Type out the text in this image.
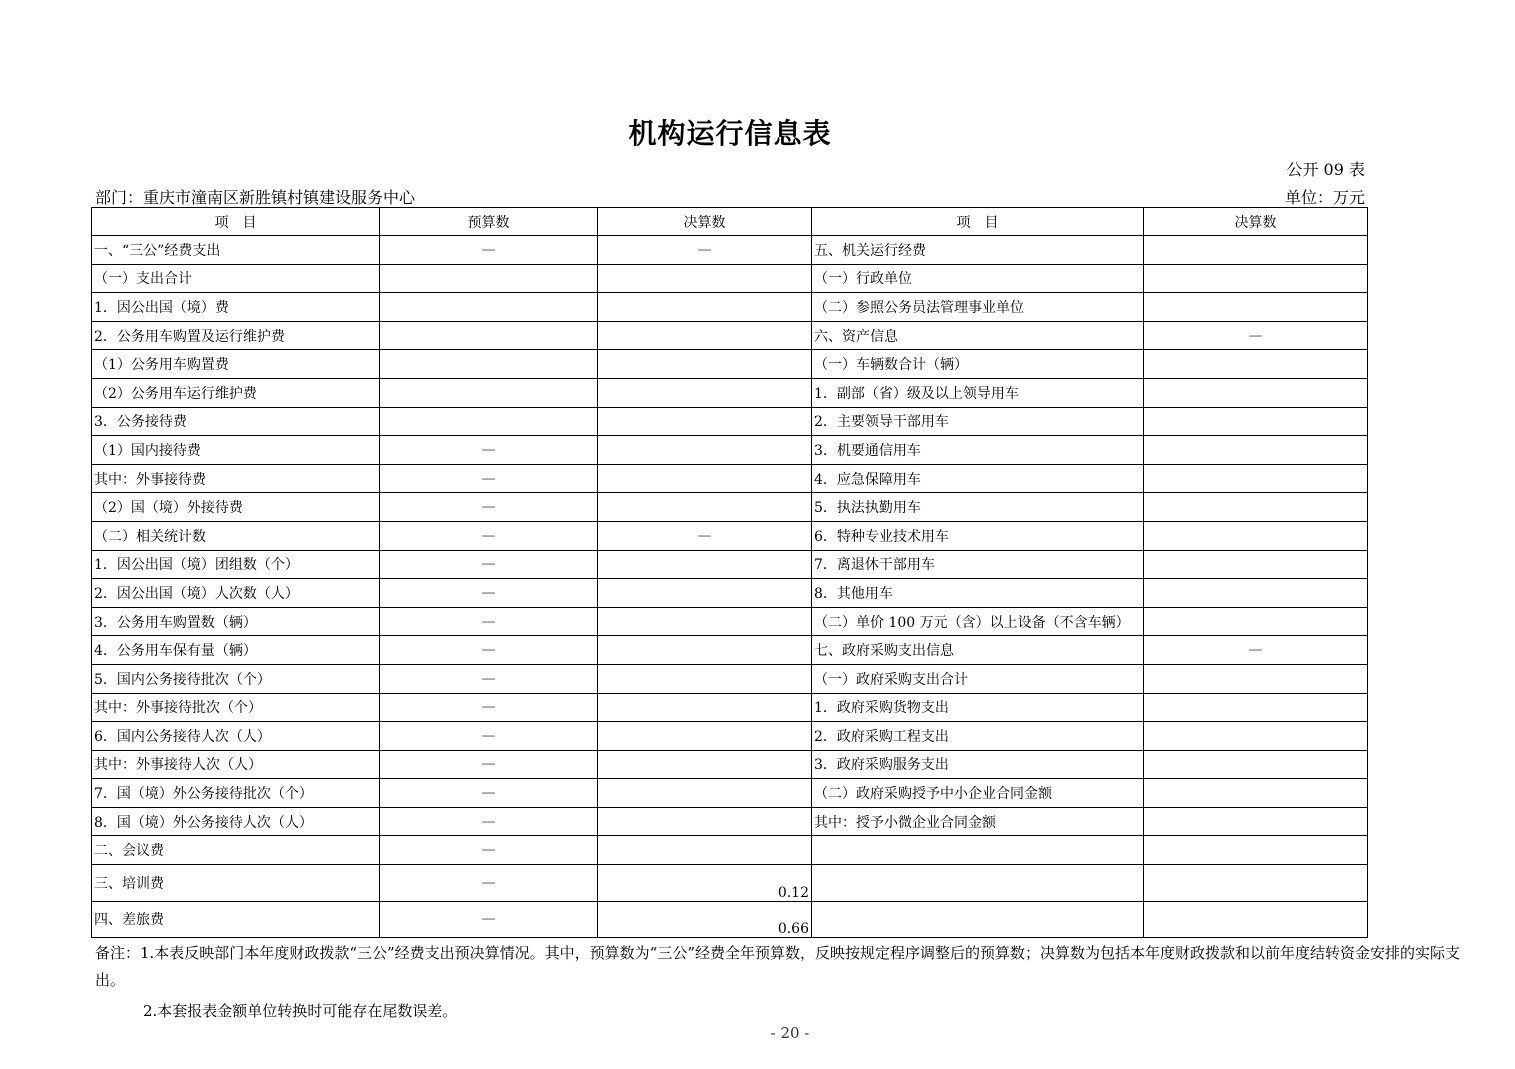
机构运行信息表
公开 09 表
部门：重庆市潼南区新胜镇村镇建设服务中心	单位：万元
项　目	预算数	决算数	项　目	决算数
一、“三公”经费支出	—	—	五、机关运行经费	
（一）支出合计			（一）行政单位	
1．因公出国（境）费			（二）参照公务员法管理事业单位	
2．公务用车购置及运行维护费			六、资产信息	—
（1）公务用车购置费			（一）车辆数合计（辆）	
（2）公务用车运行维护费			1．副部（省）级及以上领导用车	
3．公务接待费			2．主要领导干部用车	
（1）国内接待费	—		3．机要通信用车	
其中：外事接待费	—		4．应急保障用车	
（2）国（境）外接待费	—		5．执法执勤用车	
（二）相关统计数	—	—	6．特种专业技术用车	
1．因公出国（境）团组数（个）	—		7．离退休干部用车	
2．因公出国（境）人次数（人）	—		8．其他用车	
3．公务用车购置数（辆）	—		（二）单价 100 万元（含）以上设备（不含车辆）	
4．公务用车保有量（辆）	—		七、政府采购支出信息	—
5．国内公务接待批次（个）	—		（一）政府采购支出合计	
其中：外事接待批次（个）	—		1．政府采购货物支出	
6．国内公务接待人次（人）	—		2．政府采购工程支出	
其中：外事接待人次（人）	—		3．政府采购服务支出	
7．国（境）外公务接待批次（个）	—		（二）政府采购授予中小企业合同金额	
8．国（境）外公务接待人次（人）	—		其中：授予小微企业合同金额	
二、会议费	—			
三、培训费	—	0.12		
四、差旅费	—	0.66		
备注：1.本表反映部门本年度财政拨款“三公”经费支出预决算情况。其中，预算数为“三公”经费全年预算数，反映按规定程序调整后的预算数；决算数为包括本年度财政拨款和以前年度结转资金安排的实际支出。
2.本套报表金额单位转换时可能存在尾数误差。
- 20 -
